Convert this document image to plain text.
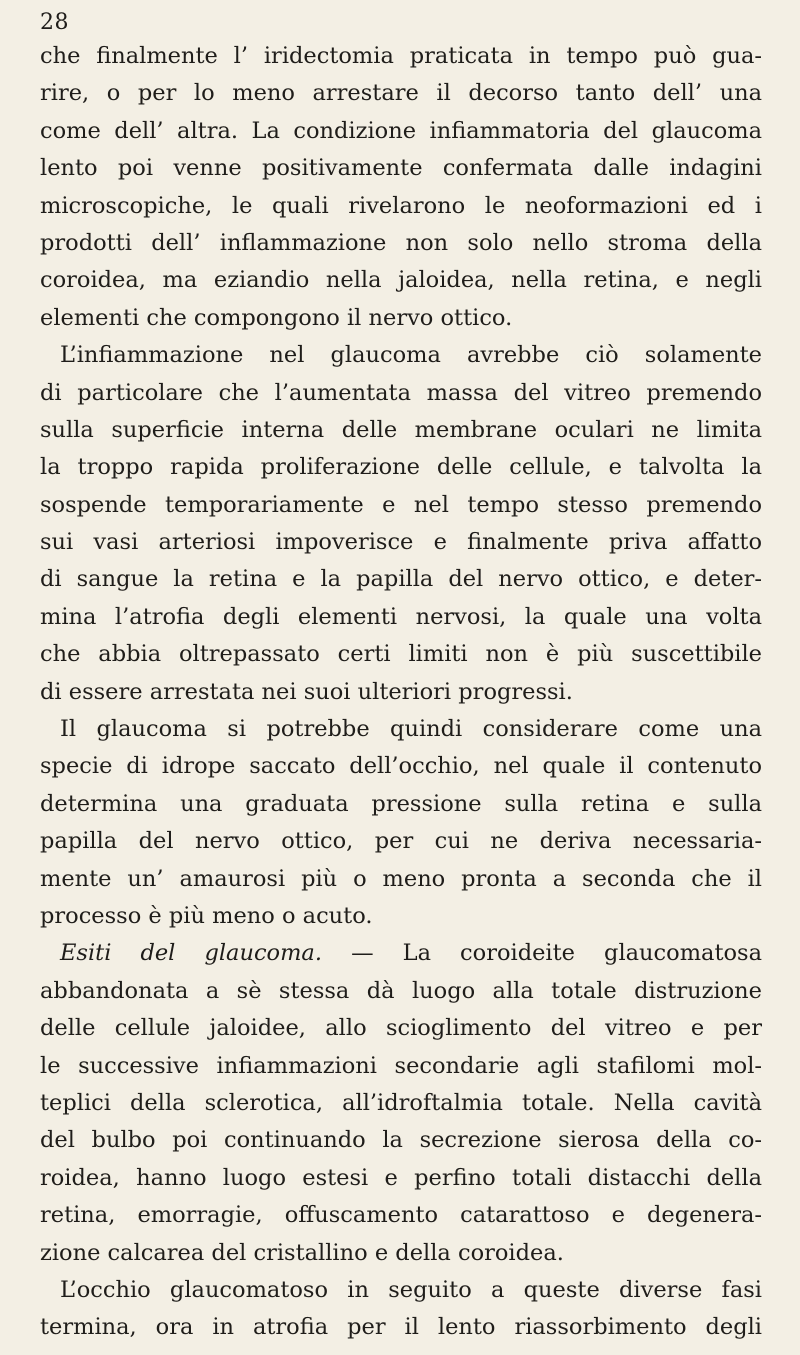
28
che finalmente l’ iridectomia praticata in tempo può gua-
rire, o per lo meno arrestare il decorso tanto dell’ una
come dell’ altra. La condizione infiammatoria del glaucoma
lento poi venne positivamente confermata dalle indagini
microscopiche, le quali rivelarono le neoformazioni ed i
prodotti dell’ inflammazione non solo nello stroma della
coroidea, ma eziandio nella jaloidea, nella retina, e negli
elementi che compongono il nervo ottico.
L’infiammazione nel glaucoma avrebbe ciò solamente
di particolare che l’aumentata massa del vitreo premendo
sulla superficie interna delle membrane oculari ne limita
la troppo rapida proliferazione delle cellule, e talvolta la
sospende temporariamente e nel tempo stesso premendo
sui vasi arteriosi impoverisce e finalmente priva affatto
di sangue la retina e la papilla del nervo ottico, e deter-
mina l’atrofia degli elementi nervosi, la quale una volta
che abbia oltrepassato certi limiti non è più suscettibile
di essere arrestata nei suoi ulteriori progressi.
Il glaucoma si potrebbe quindi considerare come una
specie di idrope saccato dell’occhio, nel quale il contenuto
determina una graduata pressione sulla retina e sulla
papilla del nervo ottico, per cui ne deriva necessaria-
mente un’ amaurosi più o meno pronta a seconda che il
processo è più meno o acuto.
Esiti del glaucoma. — La coroideite glaucomatosa
abbandonata a sè stessa dà luogo alla totale distruzione
delle cellule jaloidee, allo scioglimento del vitreo e per
le successive infiammazioni secondarie agli stafilomi mol-
teplici della sclerotica, all’idroftalmia totale. Nella cavità
del bulbo poi continuando la secrezione sierosa della co-
roidea, hanno luogo estesi e perfino totali distacchi della
retina, emorragie, offuscamento catarattoso e degenera-
zione calcarea del cristallino e della coroidea.
L’occhio glaucomatoso in seguito a queste diverse fasi
termina, ora in atrofia per il lento riassorbimento degli
